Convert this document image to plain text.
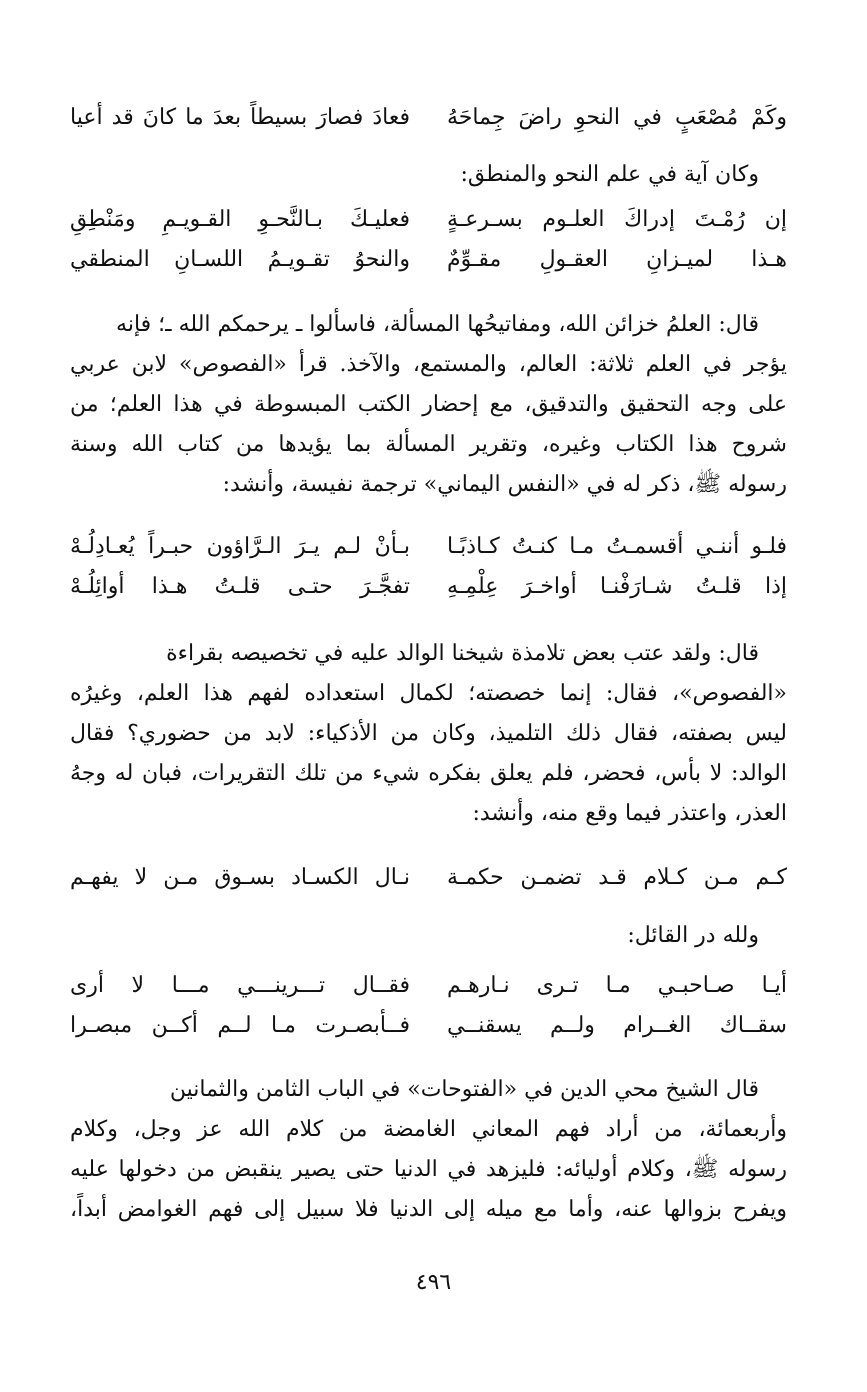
وكَمْ مُصْعَبٍ في النحوِ راضَ جِماحَهُ
فعادَ فصارَ بسيطاً بعدَ ما كانَ قد أعيا
وكان آية في علم النحو والمنطق:
إن رُمْـتَ إدراكَ العلـوم بسـرعـةٍ
فعليـكَ بـالنَّحـوِ القـويـمِ ومَنْطِقِ
هـذا لميـزانِ العقـولِ مقـوِّمٌ
والنحوُ تقـويـمُ اللسـانِ المنطقي
قال: العلمُ خزائن الله، ومفاتيحُها المسألة، فاسألوا ـ يرحمكم الله ـ؛ فإنه
يؤجر في العلم ثلاثة: العالم، والمستمع، والآخذ. قرأ «الفصوص» لابن عربي
على وجه التحقيق والتدقيق، مع إحضار الكتب المبسوطة في هذا العلم؛ من
شروح هذا الكتاب وغيره، وتقرير المسألة بما يؤيدها من كتاب الله وسنة
رسوله ﷺ، ذكر له في «النفس اليماني» ترجمة نفيسة، وأنشد:
فلـو أننـي أقسمـتُ مـا كنـتُ كـاذبًـا
بـأنْ لـم يـرَ الـرَّاؤون حبـراً يُعـادِلُـهْ
إذا قلـتُ شـارَفْنـا أواخـرَ عِلْمِـهِ
تفجَّـرَ حتـى قلـتُ هـذا أوائِلُـهْ
قال: ولقد عتب بعض تلامذة شيخنا الوالد عليه في تخصيصه بقراءة
«الفصوص»، فقال: إنما خصصته؛ لكمال استعداده لفهم هذا العلم، وغيرُه
ليس بصفته، فقال ذلك التلميذ، وكان من الأذكياء: لابد من حضوري؟ فقال
الوالد: لا بأس، فحضر، فلم يعلق بفكره شيء من تلك التقريرات، فبان له وجهُ
العذر، واعتذر فيما وقع منه، وأنشد:
كـم مـن كـلام قـد تضمـن حكمـة
نـال الكسـاد بسـوق مـن لا يفهـم
ولله در القائل:
أيـا صـاحبـي مـا تـرى نـارهـم
فقــال تـــرينـــي مـــا لا أرى
سقــاك الغــرام ولــم يسقنــي
فــأبصـرت مـا لــم أكــن مبصـرا
قال الشيخ محي الدين في «الفتوحات» في الباب الثامن والثمانين
وأربعمائة، من أراد فهم المعاني الغامضة من كلام الله عز وجل، وكلام
رسوله ﷺ، وكلام أوليائه: فليزهد في الدنيا حتى يصير ينقبض من دخولها عليه
ويفرح بزوالها عنه، وأما مع ميله إلى الدنيا فلا سبيل إلى فهم الغوامض أبداً،
٤٩٦
